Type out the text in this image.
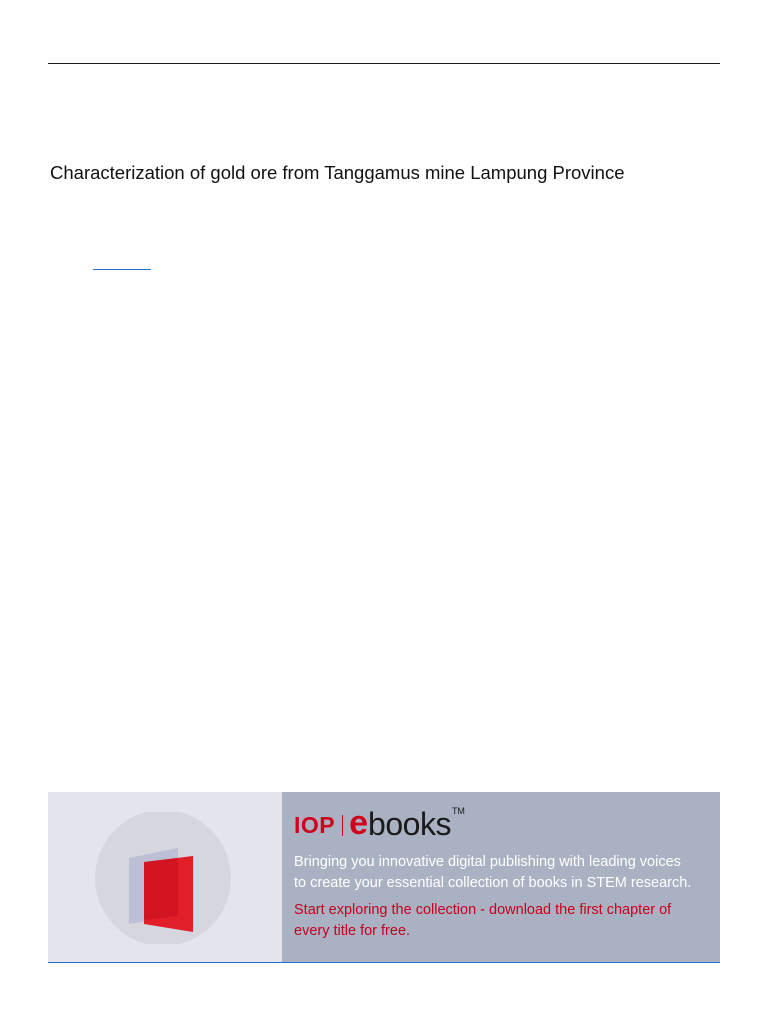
Characterization of gold ore from Tanggamus mine Lampung Province
IOP e books TM
Bringing you innovative digital publishing with leading voices
to create your essential collection of books in STEM research.
Start exploring the collection - download the first chapter of
every title for free.
